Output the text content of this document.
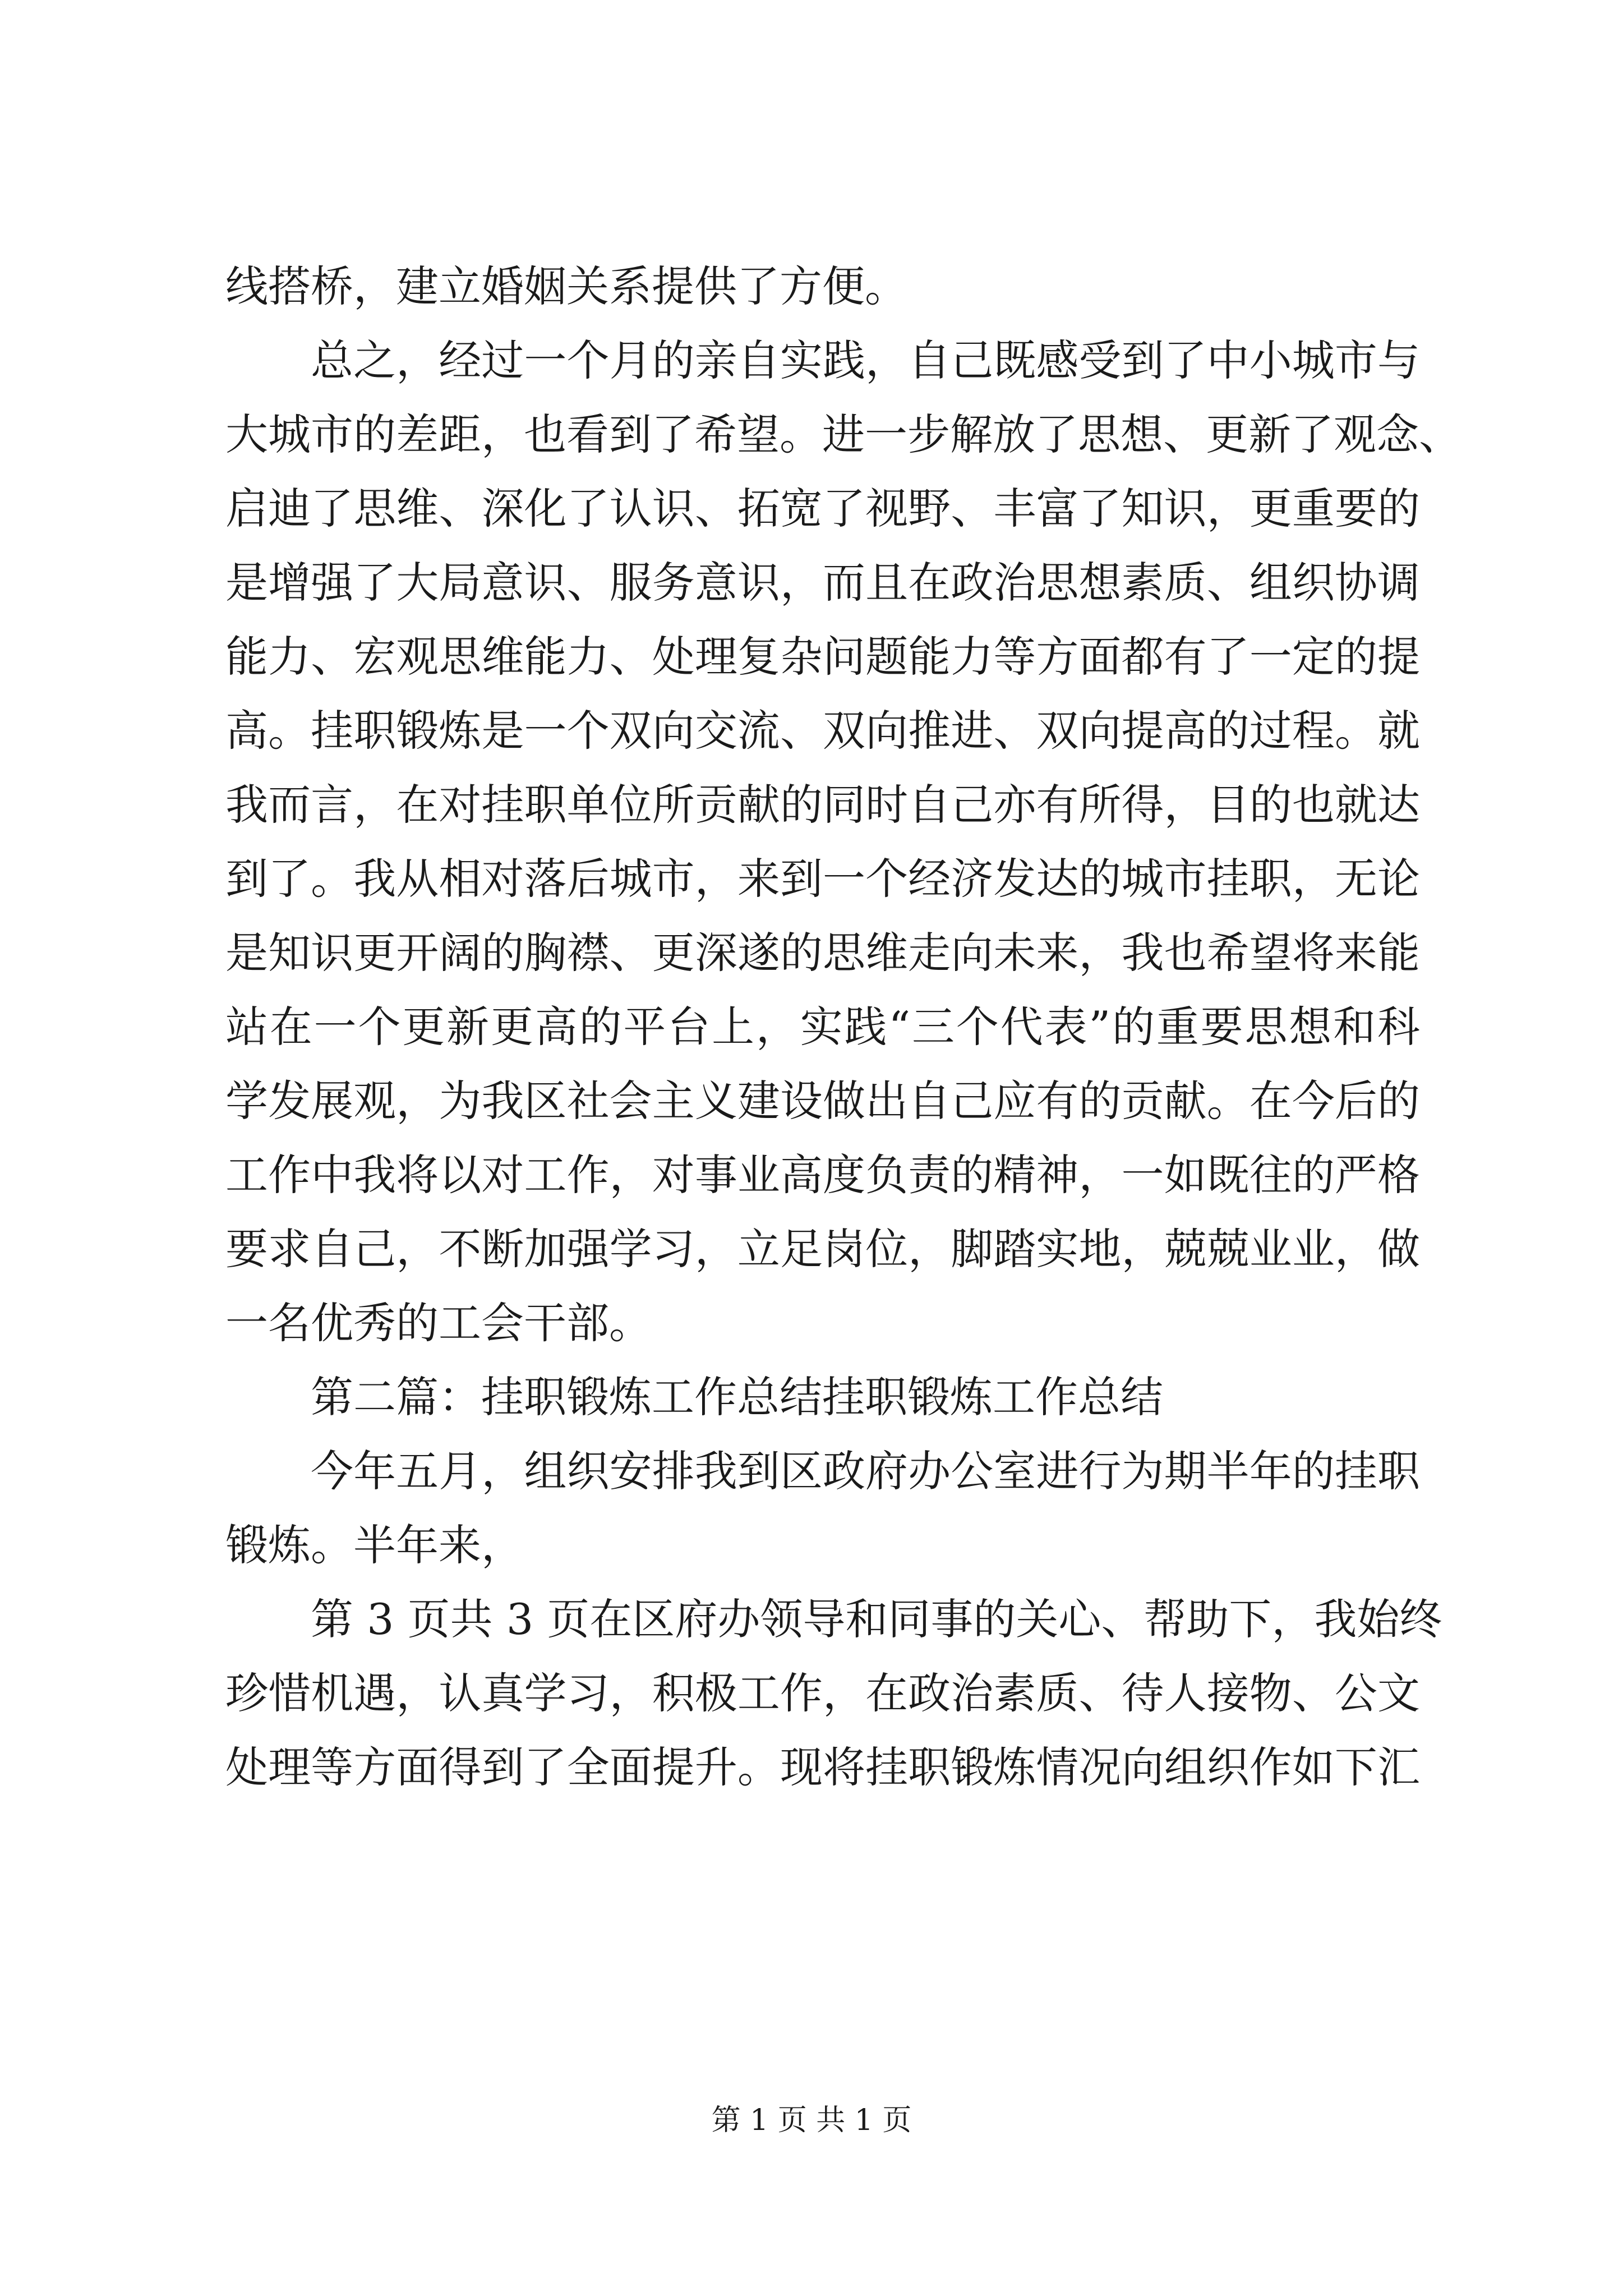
线搭桥，建立婚姻关系提供了方便。
总之，经过一个月的亲自实践，自己既感受到了中小城市与
大城市的差距，也看到了希望。进一步解放了思想、更新了观念、
启迪了思维、深化了认识、拓宽了视野、丰富了知识，更重要的
是增强了大局意识、服务意识，而且在政治思想素质、组织协调
能力、宏观思维能力、处理复杂问题能力等方面都有了一定的提
高。挂职锻炼是一个双向交流、双向推进、双向提高的过程。就
我而言，在对挂职单位所贡献的同时自己亦有所得，目的也就达
到了。我从相对落后城市，来到一个经济发达的城市挂职，无论
是知识更开阔的胸襟、更深遂的思维走向未来，我也希望将来能
站在一个更新更高的平台上，实践“三个代表”的重要思想和科
学发展观，为我区社会主义建设做出自己应有的贡献。在今后的
工作中我将以对工作，对事业高度负责的精神，一如既往的严格
要求自己，不断加强学习，立足岗位，脚踏实地，兢兢业业，做
一名优秀的工会干部。
第二篇：挂职锻炼工作总结挂职锻炼工作总结
今年五月，组织安排我到区政府办公室进行为期半年的挂职
锻炼。半年来，
第 3 页共 3 页在区府办领导和同事的关心、帮助下，我始终
珍惜机遇，认真学习，积极工作，在政治素质、待人接物、公文
处理等方面得到了全面提升。现将挂职锻炼情况向组织作如下汇
第 1 页 共 1 页
